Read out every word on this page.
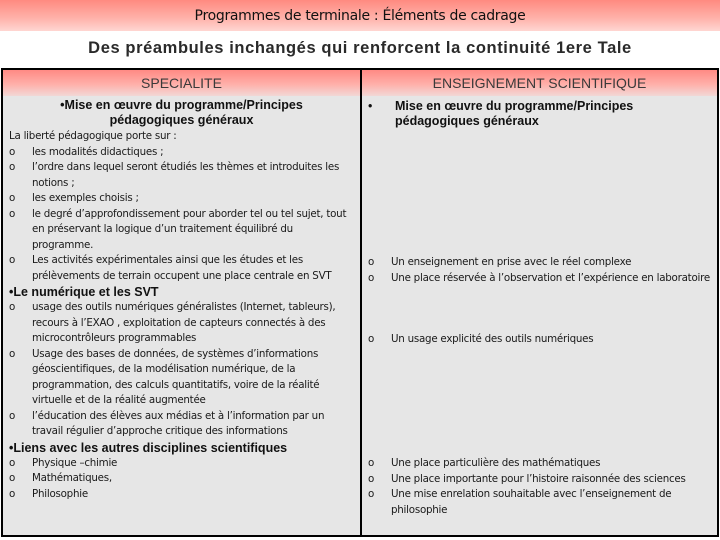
Programmes de terminale : Éléments de cadrage
Des préambules inchangés qui renforcent la continuité 1ere Tale
SPECIALITE
•Mise en œuvre du programme/Principes pédagogiques généraux
La liberté pédagogique porte sur :
o les modalités didactiques ;
o l’ordre dans lequel seront étudiés les thèmes et introduites les notions ;
o les exemples choisis ;
o le degré d’approfondissement pour aborder tel ou tel sujet, tout en préservant la logique d’un traitement équilibré du programme.
o Les activités expérimentales ainsi que les études et les prélèvements de terrain occupent une place centrale en SVT
•Le numérique et les SVT
o usage des outils numériques généralistes (Internet, tableurs), recours à l’EXAO , exploitation de capteurs connectés à des microcontrôleurs programmables
o Usage des bases de données, de systèmes d’informations géoscientifiques, de la modélisation numérique, de la programmation, des calculs quantitatifs, voire de la réalité virtuelle et de la réalité augmentée
o l’éducation des élèves aux médias et à l’information par un travail régulier d’approche critique des informations
•Liens avec les autres disciplines scientifiques
o Physique –chimie
o Mathématiques,
o Philosophie
ENSEIGNEMENT SCIENTIFIQUE
• Mise en œuvre du programme/Principes pédagogiques généraux
o Un enseignement en prise avec le réel complexe
o Une place réservée à l’observation et l’expérience en laboratoire
o Un usage explicité des outils numériques
o Une place particulière des mathématiques
o Une place importante pour l’histoire raisonnée des sciences
o Une mise enrelation souhaitable avec l’enseignement de philosophie
